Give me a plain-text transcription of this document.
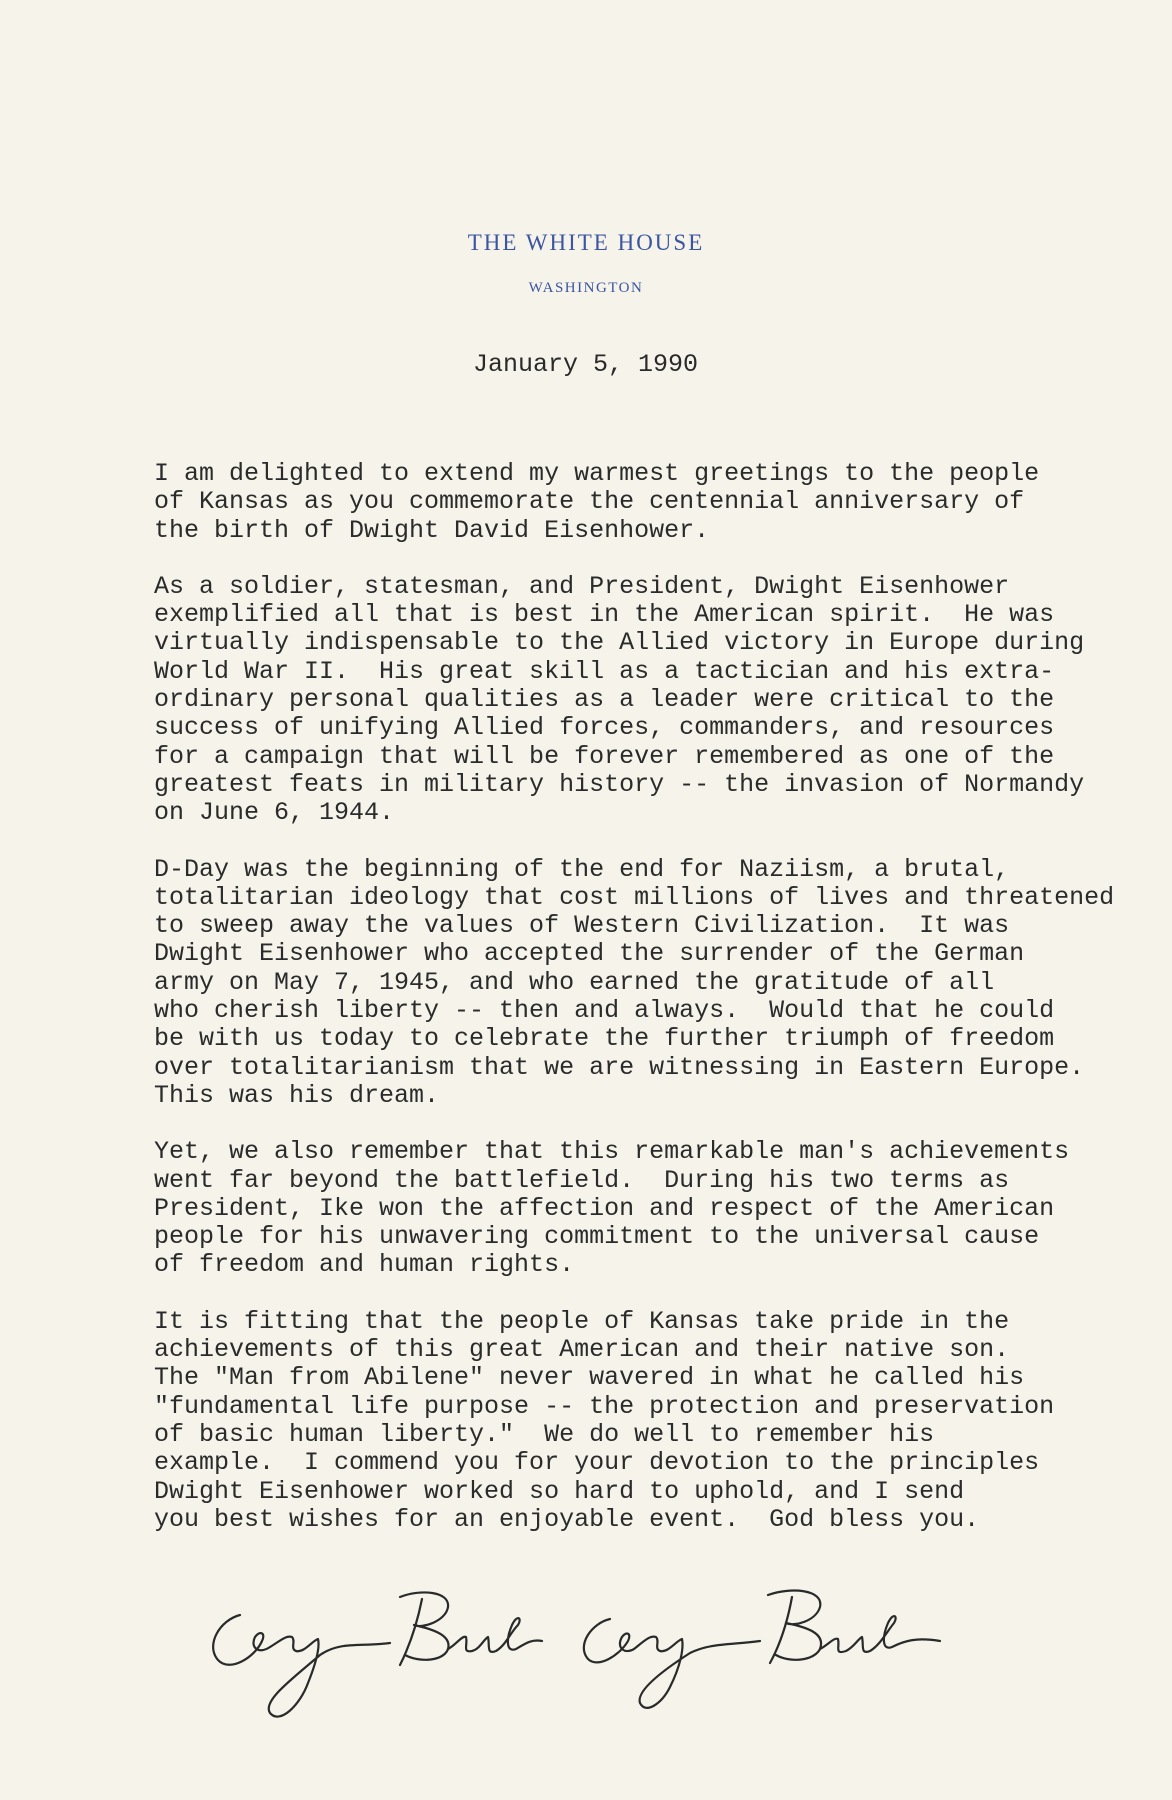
THE WHITE HOUSE
WASHINGTON
January 5, 1990

I am delighted to extend my warmest greetings to the people
of Kansas as you commemorate the centennial anniversary of
the birth of Dwight David Eisenhower.

As a soldier, statesman, and President, Dwight Eisenhower
exemplified all that is best in the American spirit.  He was
virtually indispensable to the Allied victory in Europe during
World War II.  His great skill as a tactician and his extra-
ordinary personal qualities as a leader were critical to the
success of unifying Allied forces, commanders, and resources
for a campaign that will be forever remembered as one of the
greatest feats in military history -- the invasion of Normandy
on June 6, 1944.

D-Day was the beginning of the end for Naziism, a brutal,
totalitarian ideology that cost millions of lives and threatened
to sweep away the values of Western Civilization.  It was
Dwight Eisenhower who accepted the surrender of the German
army on May 7, 1945, and who earned the gratitude of all
who cherish liberty -- then and always.  Would that he could
be with us today to celebrate the further triumph of freedom
over totalitarianism that we are witnessing in Eastern Europe.
This was his dream.

Yet, we also remember that this remarkable man's achievements
went far beyond the battlefield.  During his two terms as
President, Ike won the affection and respect of the American
people for his unwavering commitment to the universal cause
of freedom and human rights.

It is fitting that the people of Kansas take pride in the
achievements of this great American and their native son.
The "Man from Abilene" never wavered in what he called his
"fundamental life purpose -- the protection and preservation
of basic human liberty."  We do well to remember his
example.  I commend you for your devotion to the principles
Dwight Eisenhower worked so hard to uphold, and I send
you best wishes for an enjoyable event.  God bless you.
